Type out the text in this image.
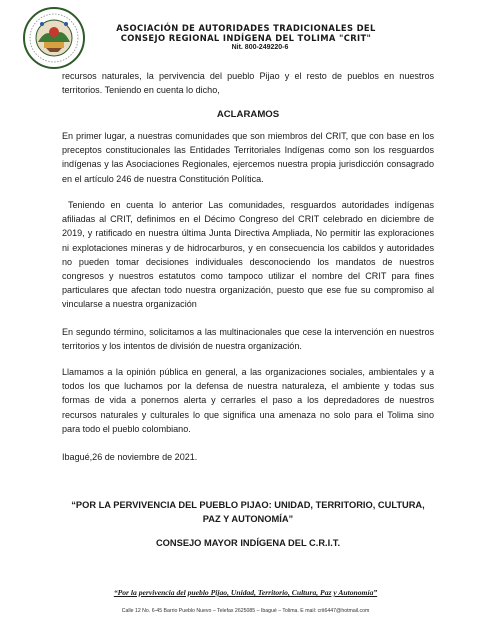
ASOCIACIÓN DE AUTORIDADES TRADICIONALES DEL
CONSEJO REGIONAL INDÍGENA DEL TOLIMA "CRIT"
Nit. 800-249220-6

recursos naturales, la pervivencia del pueblo Pijao y el resto de pueblos en nuestros territorios. Teniendo en cuenta lo dicho,

ACLARAMOS

En primer lugar, a nuestras comunidades que son miembros del CRIT, que con base en los preceptos constitucionales las Entidades Territoriales Indígenas como son los resguardos indígenas y las Asociaciones Regionales, ejercemos nuestra propia jurisdicción consagrado en el artículo 246 de nuestra Constitución Política.

Teniendo en cuenta lo anterior Las comunidades, resguardos autoridades indígenas afiliadas al CRIT, definimos en el Décimo Congreso del CRIT celebrado en diciembre de 2019, y ratificado en nuestra última Junta Directiva Ampliada, No permitir las exploraciones ni explotaciones mineras y de hidrocarburos, y en consecuencia los cabildos y autoridades no pueden tomar decisiones individuales desconociendo los mandatos de nuestros congresos y nuestros estatutos como tampoco utilizar el nombre del CRIT para fines particulares que afectan todo nuestra organización, puesto que ese fue su compromiso al vincularse a nuestra organización

En segundo término, solicitamos a las multinacionales que cese la intervención en nuestros territorios y los intentos de división de nuestra organización.

Llamamos a la opinión pública en general, a las organizaciones sociales, ambientales y a todos los que luchamos por la defensa de nuestra naturaleza, el ambiente y todas sus formas de vida a ponernos alerta y cerrarles el paso a los depredadores de nuestros recursos naturales y culturales lo que significa una amenaza no solo para el Tolima sino para todo el pueblo colombiano.

Ibagué,26 de noviembre de 2021.
“POR LA PERVIVENCIA DEL PUEBLO PIJAO: UNIDAD, TERRITORIO, CULTURA,
PAZ Y AUTONOMÍA”
CONSEJO MAYOR INDÍGENA DEL C.R.I.T.
“Por la pervivencia del pueblo Pijao, Unidad, Territorio, Cultura, Paz y Autonomía”
Calle 12 No. 6-45 Barrio Pueblo Nuevo – Telefax 2625085 – Ibagué – Tolima. E mail: crit6447@hotmail.com
